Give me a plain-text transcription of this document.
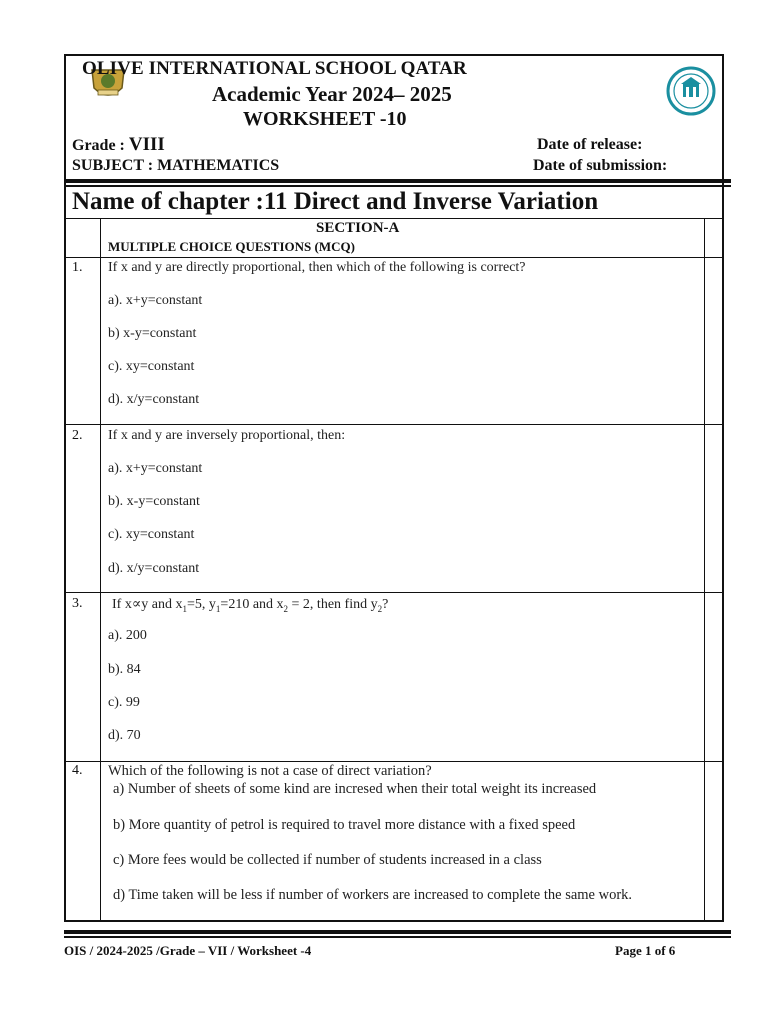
OLIVE INTERNATIONAL SCHOOL QATAR
Academic Year 2024– 2025
WORKSHEET -10
Grade : VIII
SUBJECT : MATHEMATICS
Date of release:
Date of submission:
Name of chapter :11 Direct and Inverse Variation
SECTION-A
MULTIPLE CHOICE QUESTIONS (MCQ)
1. If x and y are directly proportional, then which of the following is correct?
a). x+y=constant
b) x-y=constant
c). xy=constant
d). x/y=constant
2. If x and y are inversely proportional, then:
a). x+y=constant
b). x-y=constant
c). xy=constant
d). x/y=constant
3. If x∝y and $x_1=5$, $y_1=210$ and $x_2 = 2$, then find $y_2$?
a). 200
b). 84
c). 99
d). 70
4. Which of the following is not a case of direct variation?
a) Number of sheets of some kind are incresed when their total weight its increased
b) More quantity of petrol is required to travel more distance with a fixed speed
c) More fees would be collected if number of students increased in a class
d) Time taken will be less if number of workers are increased to complete the same work.
OIS / 2024-2025 /Grade – VII / Worksheet -4	Page 1 of 6
